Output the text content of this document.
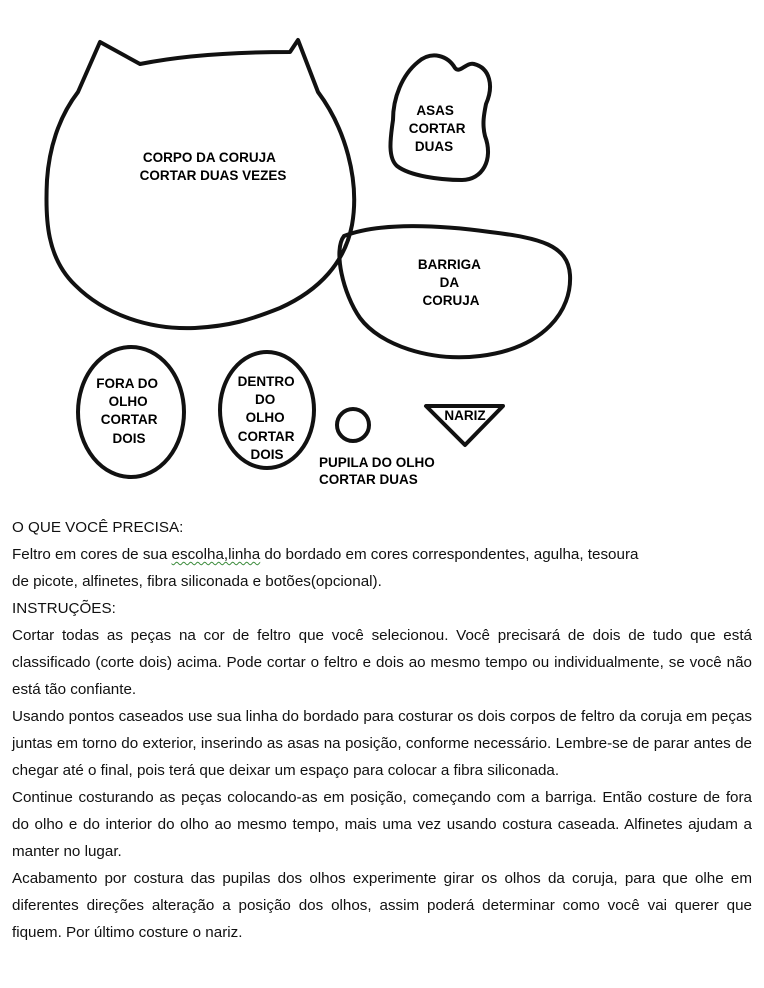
CORPO DA CORUJA CORTAR DUAS VEZES
ASAS CORTAR DUAS
BARRIGA DA CORUJA
FORA DO OLHO CORTAR DOIS
DENTRO DO OLHO CORTAR DOIS
NARIZ
PUPILA DO OLHO CORTAR DUAS

O QUE VOCÊ PRECISA:

Feltro em cores de sua escolha,linha do bordado em cores correspondentes, agulha, tesoura

de picote, alfinetes, fibra siliconada e botões(opcional).

INSTRUÇÕES:

Cortar todas as peças na cor de feltro que você selecionou. Você precisará de dois de tudo que está classificado (corte dois) acima. Pode cortar o feltro e dois ao mesmo tempo ou individualmente, se você não está tão confiante.

Usando pontos caseados use sua linha do bordado para costurar os dois corpos de feltro da coruja em peças juntas em torno do exterior, inserindo as asas na posição, conforme necessário. Lembre-se de parar antes de chegar até o final, pois terá que deixar um espaço para colocar a fibra siliconada.

Continue costurando as peças colocando-as em posição, começando com a barriga. Então costure de fora do olho e do interior do olho ao mesmo tempo, mais uma vez usando costura caseada. Alfinetes ajudam a manter no lugar.

Acabamento por costura das pupilas dos olhos experimente girar os olhos da coruja, para que olhe em diferentes direções alteração a posição dos olhos, assim poderá determinar como você vai querer que fiquem. Por último costure o nariz.
